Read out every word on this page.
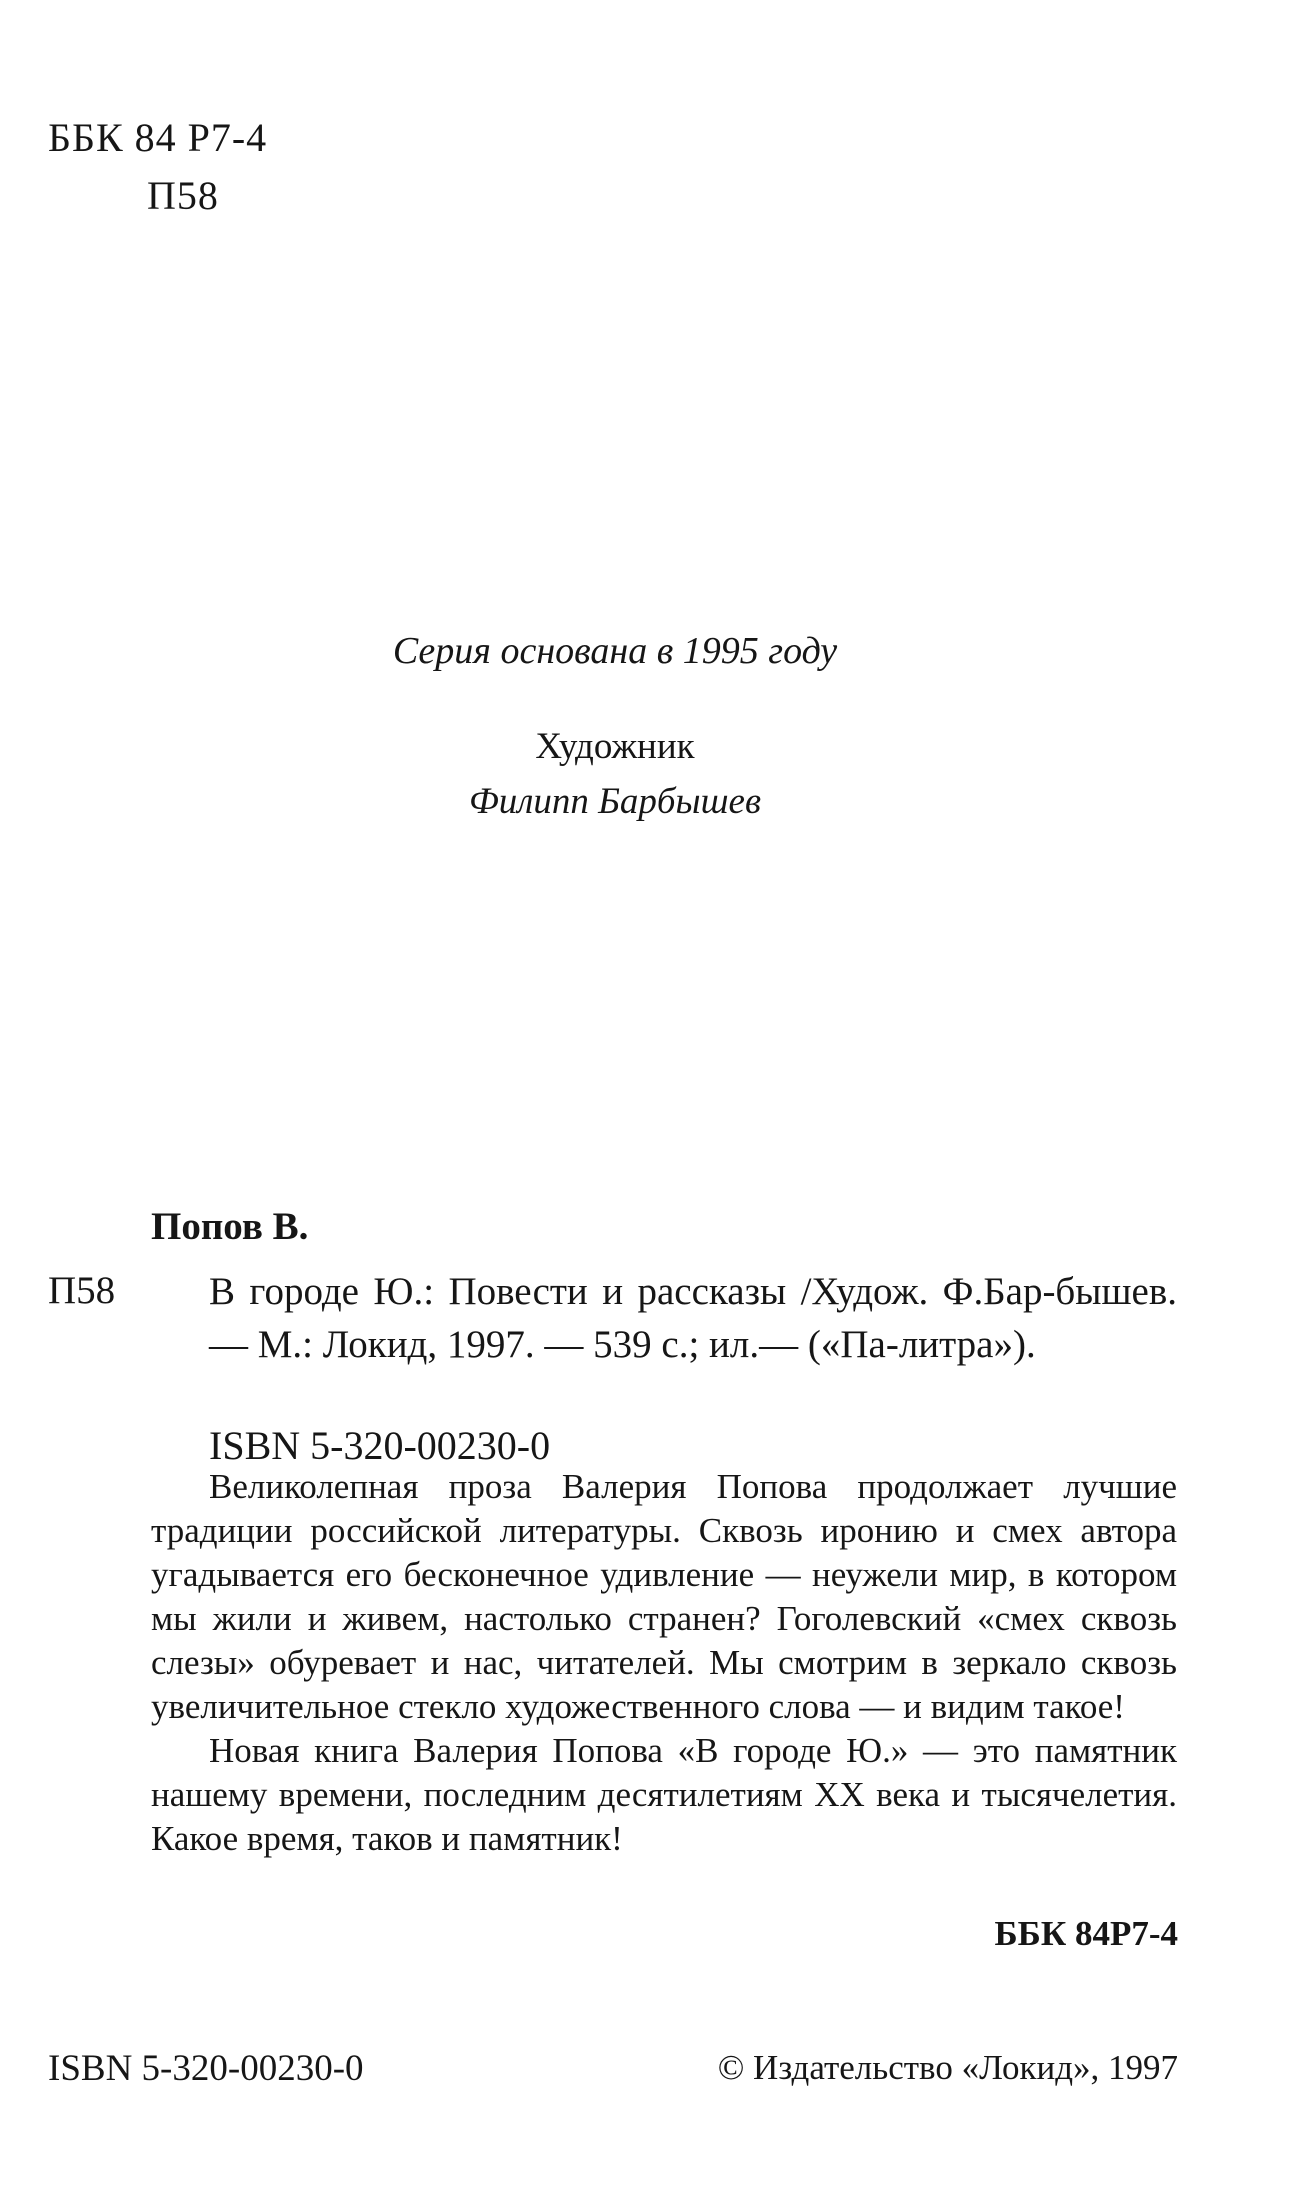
ББК 84 Р7-4
П58
Серия основана в 1995 году
Художник
Филипп Барбышев
Попов В.
П58 В городе Ю.: Повести и рассказы /Худож. Ф.Бар-бышев. — М.: Локид, 1997. — 539 с.; ил.— («Па-литра»).
ISBN 5-320-00230-0

Великолепная проза Валерия Попова продолжает лучшие традиции российской литературы. Сквозь иронию и смех автора угадывается его бесконечное удивление — неужели мир, в котором мы жили и живем, настолько странен? Гоголевский «смех сквозь слезы» обуревает и нас, читателей. Мы смотрим в зеркало сквозь увеличительное стекло художественного слова — и видим такое!

Новая книга Валерия Попова «В городе Ю.» — это памятник нашему времени, последним десятилетиям XX века и тысячелетия. Какое время, таков и памятник!

ББК 84Р7-4
ISBN 5-320-00230-0	© Издательство «Локид», 1997
